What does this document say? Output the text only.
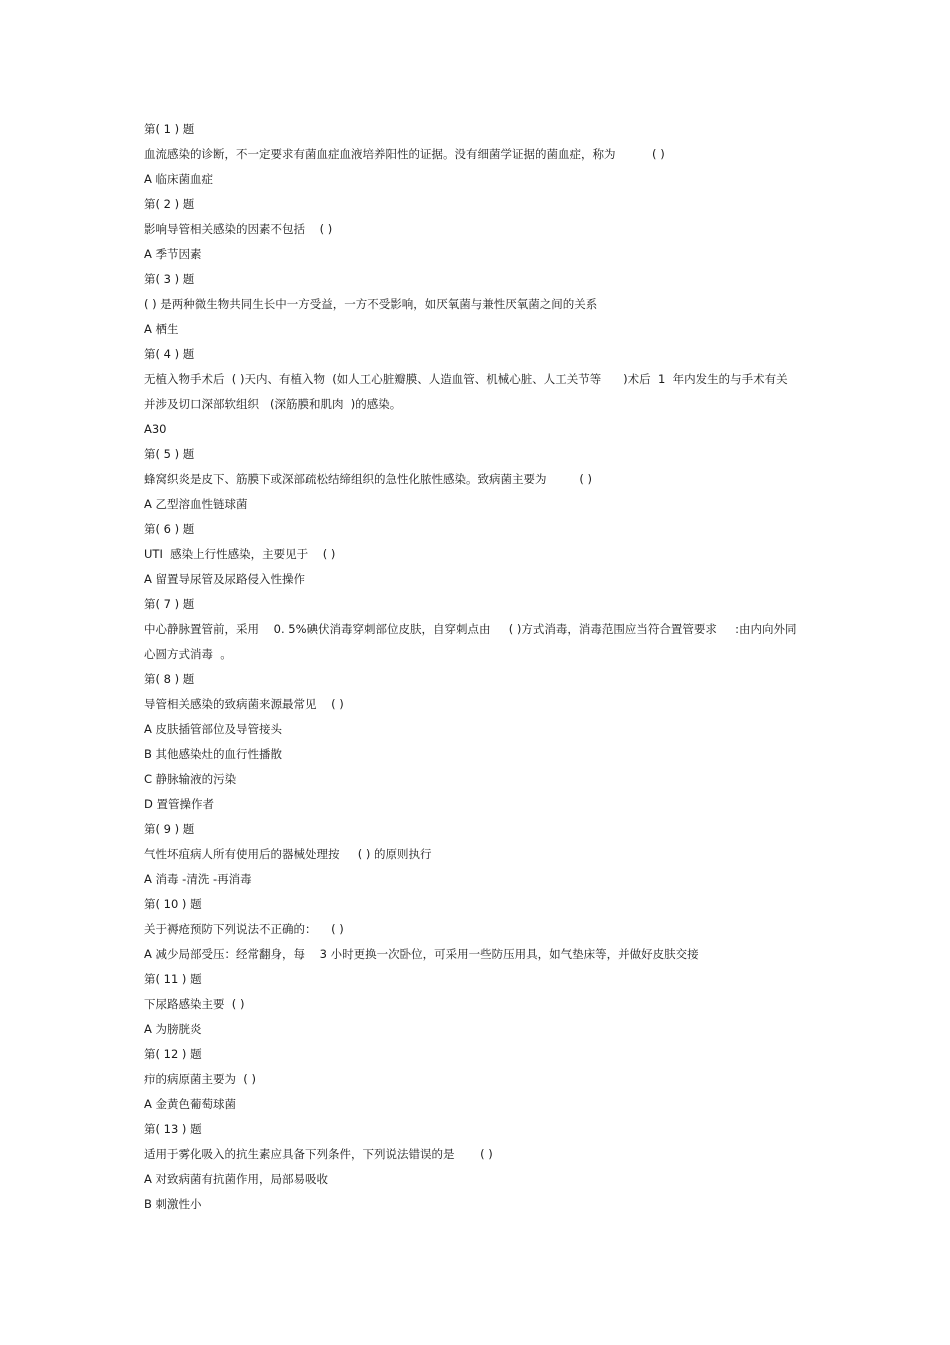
第( 1 ) 题
血流感染的诊断，不一定要求有菌血症血液培养阳性的证据。没有细菌学证据的菌血症，称为          ( )
A 临床菌血症
第( 2 ) 题
影响导管相关感染的因素不包括    ( )
A 季节因素
第( 3 ) 题
( ) 是两种微生物共同生长中一方受益，一方不受影响，如厌氧菌与兼性厌氧菌之间的关系
A 栖生
第( 4 ) 题
无植入物手术后  ( )天内、有植入物  (如人工心脏瓣膜、人造血管、机械心脏、人工关节等      )术后  1  年内发生的与手术有关
并涉及切口深部软组织   (深筋膜和肌肉  )的感染。
A30
第( 5 ) 题
蜂窝织炎是皮下、筋膜下或深部疏松结缔组织的急性化脓性感染。致病菌主要为         ( )
A 乙型溶血性链球菌
第( 6 ) 题
UTI  感染上行性感染，主要见于    ( )
A 留置导尿管及尿路侵入性操作
第( 7 ) 题
中心静脉置管前，采用    0. 5%碘伏消毒穿刺部位皮肤，自穿刺点由     ( )方式消毒，消毒范围应当符合置管要求     :由内向外同
心圆方式消毒  。
第( 8 ) 题
导管相关感染的致病菌来源最常见    ( )
A 皮肤插管部位及导管接头
B 其他感染灶的血行性播散
C 静脉输液的污染
D 置管操作者
第( 9 ) 题
气性坏疽病人所有使用后的器械处理按     ( ) 的原则执行
A 消毒 -清洗 -再消毒
第( 10 ) 题
关于褥疮预防下列说法不正确的：    ( )
A 减少局部受压：经常翻身，每    3 小时更换一次卧位，可采用一些防压用具，如气垫床等，并做好皮肤交接
第( 11 ) 题
下尿路感染主要  ( )
A 为膀胱炎
第( 12 ) 题
疖的病原菌主要为  ( )
A 金黄色葡萄球菌
第( 13 ) 题
适用于雾化吸入的抗生素应具备下列条件，下列说法错误的是       ( )
A 对致病菌有抗菌作用，局部易吸收
B 刺激性小
